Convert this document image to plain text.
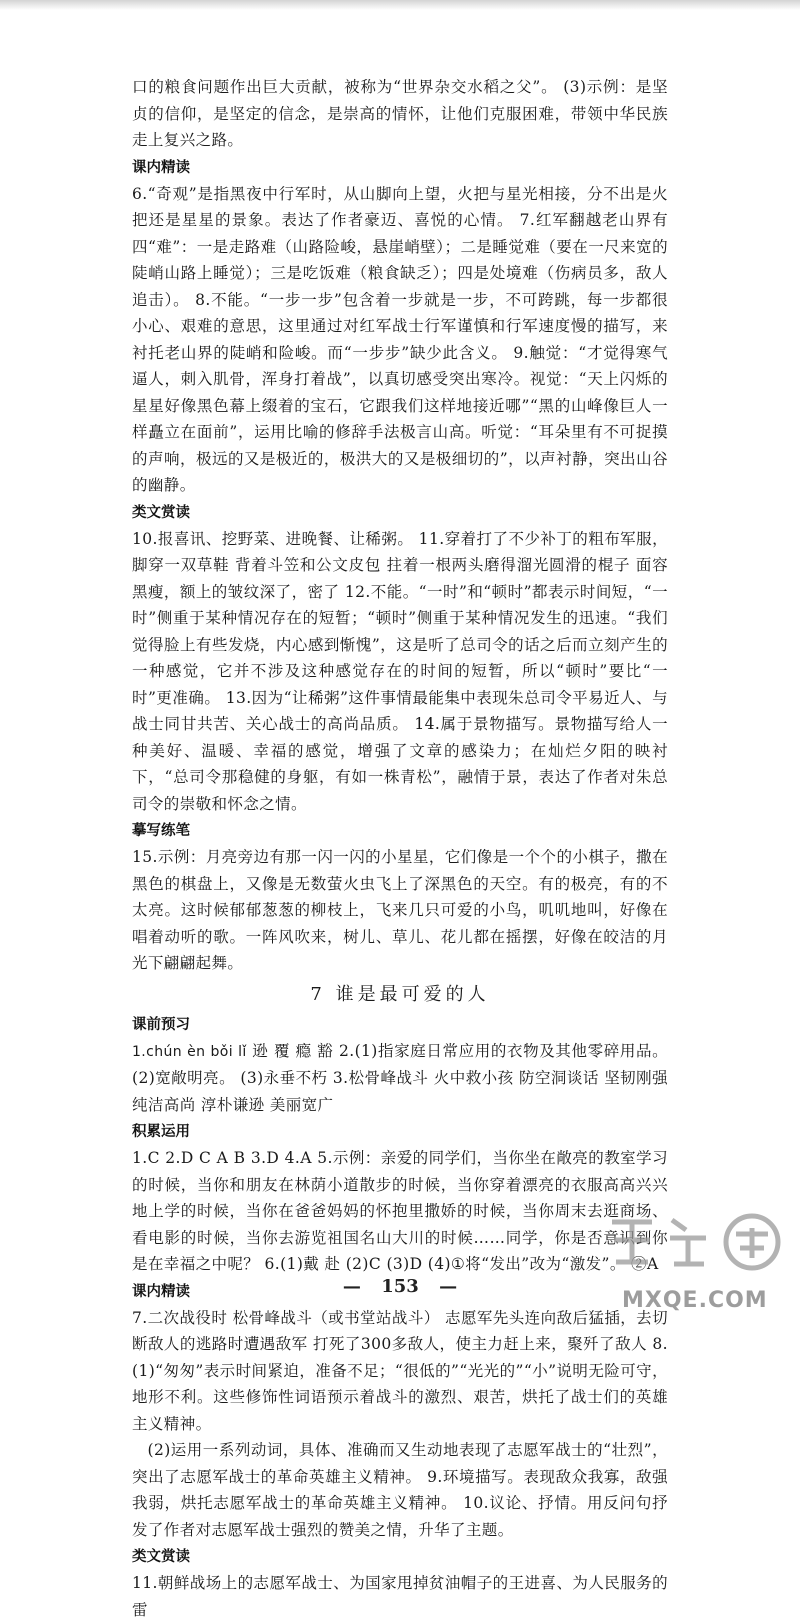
口的粮食问题作出巨大贡献，被称为“世界杂交水稻之父”。 (3)示例：是坚贞的信仰，是坚定的信念，是崇高的情怀，让他们克服困难，带领中华民族走上复兴之路。

课内精读

6.“奇观”是指黑夜中行军时，从山脚向上望，火把与星光相接，分不出是火把还是星星的景象。表达了作者豪迈、喜悦的心情。 7.红军翻越老山界有四“难”：一是走路难（山路险峻，悬崖峭壁）；二是睡觉难（要在一尺来宽的陡峭山路上睡觉）；三是吃饭难（粮食缺乏）；四是处境难（伤病员多，敌人追击）。 8.不能。“一步一步”包含着一步就是一步，不可跨跳，每一步都很小心、艰难的意思，这里通过对红军战士行军谨慎和行军速度慢的描写，来衬托老山界的陡峭和险峻。而“一步步”缺少此含义。 9.触觉：“才觉得寒气逼人，刺入肌骨，浑身打着战”，以真切感受突出寒冷。视觉：“天上闪烁的星星好像黑色幕上缀着的宝石，它跟我们这样地接近哪”“黑的山峰像巨人一样矗立在面前”，运用比喻的修辞手法极言山高。听觉：“耳朵里有不可捉摸的声响，极远的又是极近的，极洪大的又是极细切的”，以声衬静，突出山谷的幽静。

类文赏读

10.报喜讯、挖野菜、进晚餐、让稀粥。 11.穿着打了不少补丁的粗布军服，脚穿一双草鞋 背着斗笠和公文皮包 拄着一根两头磨得溜光圆滑的棍子 面容黑瘦，额上的皱纹深了，密了 12.不能。“一时”和“顿时”都表示时间短，“一时”侧重于某种情况存在的短暂；“顿时”侧重于某种情况发生的迅速。“我们觉得脸上有些发烧，内心感到惭愧”，这是听了总司令的话之后而立刻产生的一种感觉，它并不涉及这种感觉存在的时间的短暂，所以“顿时”要比“一时”更准确。 13.因为“让稀粥”这件事情最能集中表现朱总司令平易近人、与战士同甘共苦、关心战士的高尚品质。 14.属于景物描写。景物描写给人一种美好、温暖、幸福的感觉，增强了文章的感染力；在灿烂夕阳的映衬下，“总司令那稳健的身躯，有如一株青松”，融情于景，表达了作者对朱总司令的崇敬和怀念之情。

摹写练笔

15.示例：月亮旁边有那一闪一闪的小星星，它们像是一个个的小棋子，撒在黑色的棋盘上，又像是无数萤火虫飞上了深黑色的天空。有的极亮，有的不太亮。这时候郁郁葱葱的柳枝上，飞来几只可爱的小鸟，叽叽地叫，好像在唱着动听的歌。一阵风吹来，树儿、草儿、花儿都在摇摆，好像在皎洁的月光下翩翩起舞。

7 谁是最可爱的人
课前预习

1.chún èn bǒi lǐ 逊 覆 瘾 豁 2.(1)指家庭日常应用的衣物及其他零碎用品。 (2)宽敞明亮。 (3)永垂不朽 3.松骨峰战斗 火中救小孩 防空洞谈话 坚韧刚强 纯洁高尚 淳朴谦逊 美丽宽广

积累运用

1.C 2.D C A B 3.D 4.A 5.示例：亲爱的同学们，当你坐在敞亮的教室学习的时候，当你和朋友在林荫小道散步的时候，当你穿着漂亮的衣服高高兴兴地上学的时候，当你在爸爸妈妈的怀抱里撒娇的时候，当你周末去逛商场、看电影的时候，当你去游览祖国名山大川的时候……同学，你是否意识到你是在幸福之中呢？ 6.(1)戴 赴 (2)C (3)D (4)①将“发出”改为“激发”。 ②A

课内精读

7.二次战役时 松骨峰战斗（或书堂站战斗） 志愿军先头连向敌后猛插，去切断敌人的逃路时遭遇敌军 打死了300多敌人，使主力赶上来，聚歼了敌人 8.(1)“匆匆”表示时间紧迫，准备不足；“很低的”“光光的”“小”说明无险可守，地形不利。这些修饰性词语预示着战斗的激烈、艰苦，烘托了战士们的英雄主义精神。

(2)运用一系列动词，具体、准确而又生动地表现了志愿军战士的“壮烈”，突出了志愿军战士的革命英雄主义精神。 9.环境描写。表现敌众我寡，敌强我弱，烘托志愿军战士的革命英雄主义精神。 10.议论、抒情。用反问句抒发了作者对志愿军战士强烈的赞美之情，升华了主题。

类文赏读

11.朝鲜战场上的志愿军战士、为国家甩掉贫油帽子的王进喜、为人民服务的雷

— 153 —
MXQE.COM
